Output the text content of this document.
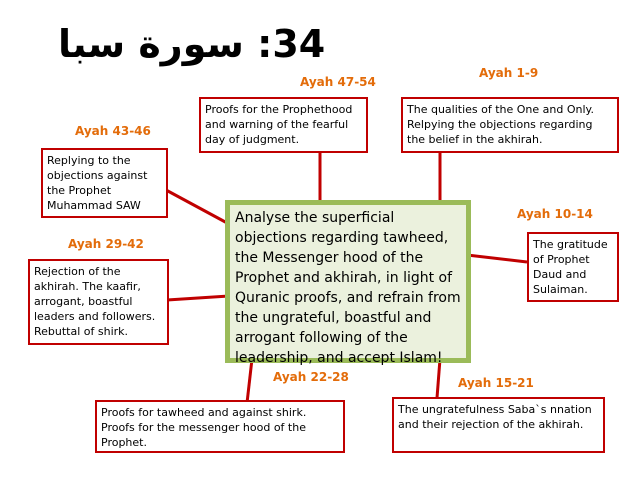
34: سورة سبا
Ayah 1-9
Ayah 47-54
Ayah 43-46
Ayah 10-14
Ayah 29-42
Ayah 22-28	Ayah 15-21
The qualities of the One and Only. Relpying the objections regarding the belief in the akhirah.
Proofs for the Prophethood and warning of the fearful day of judgment.
Replying to the objections against the Prophet Muhammad SAW
The gratitude of Prophet Daud and Sulaiman.
Rejection of the akhirah. The kaafir, arrogant, boastful leaders and followers. Rebuttal of shirk.
Proofs for tawheed and against shirk. Proofs for the messenger hood of the Prophet.
The ungratefulness Saba`s nnation and their rejection of the akhirah.
Analyse the superficial objections regarding tawheed, the Messenger hood of the Prophet and akhirah, in light of Quranic proofs, and refrain from the ungrateful, boastful and arrogant following of the leadership, and accept Islam!
